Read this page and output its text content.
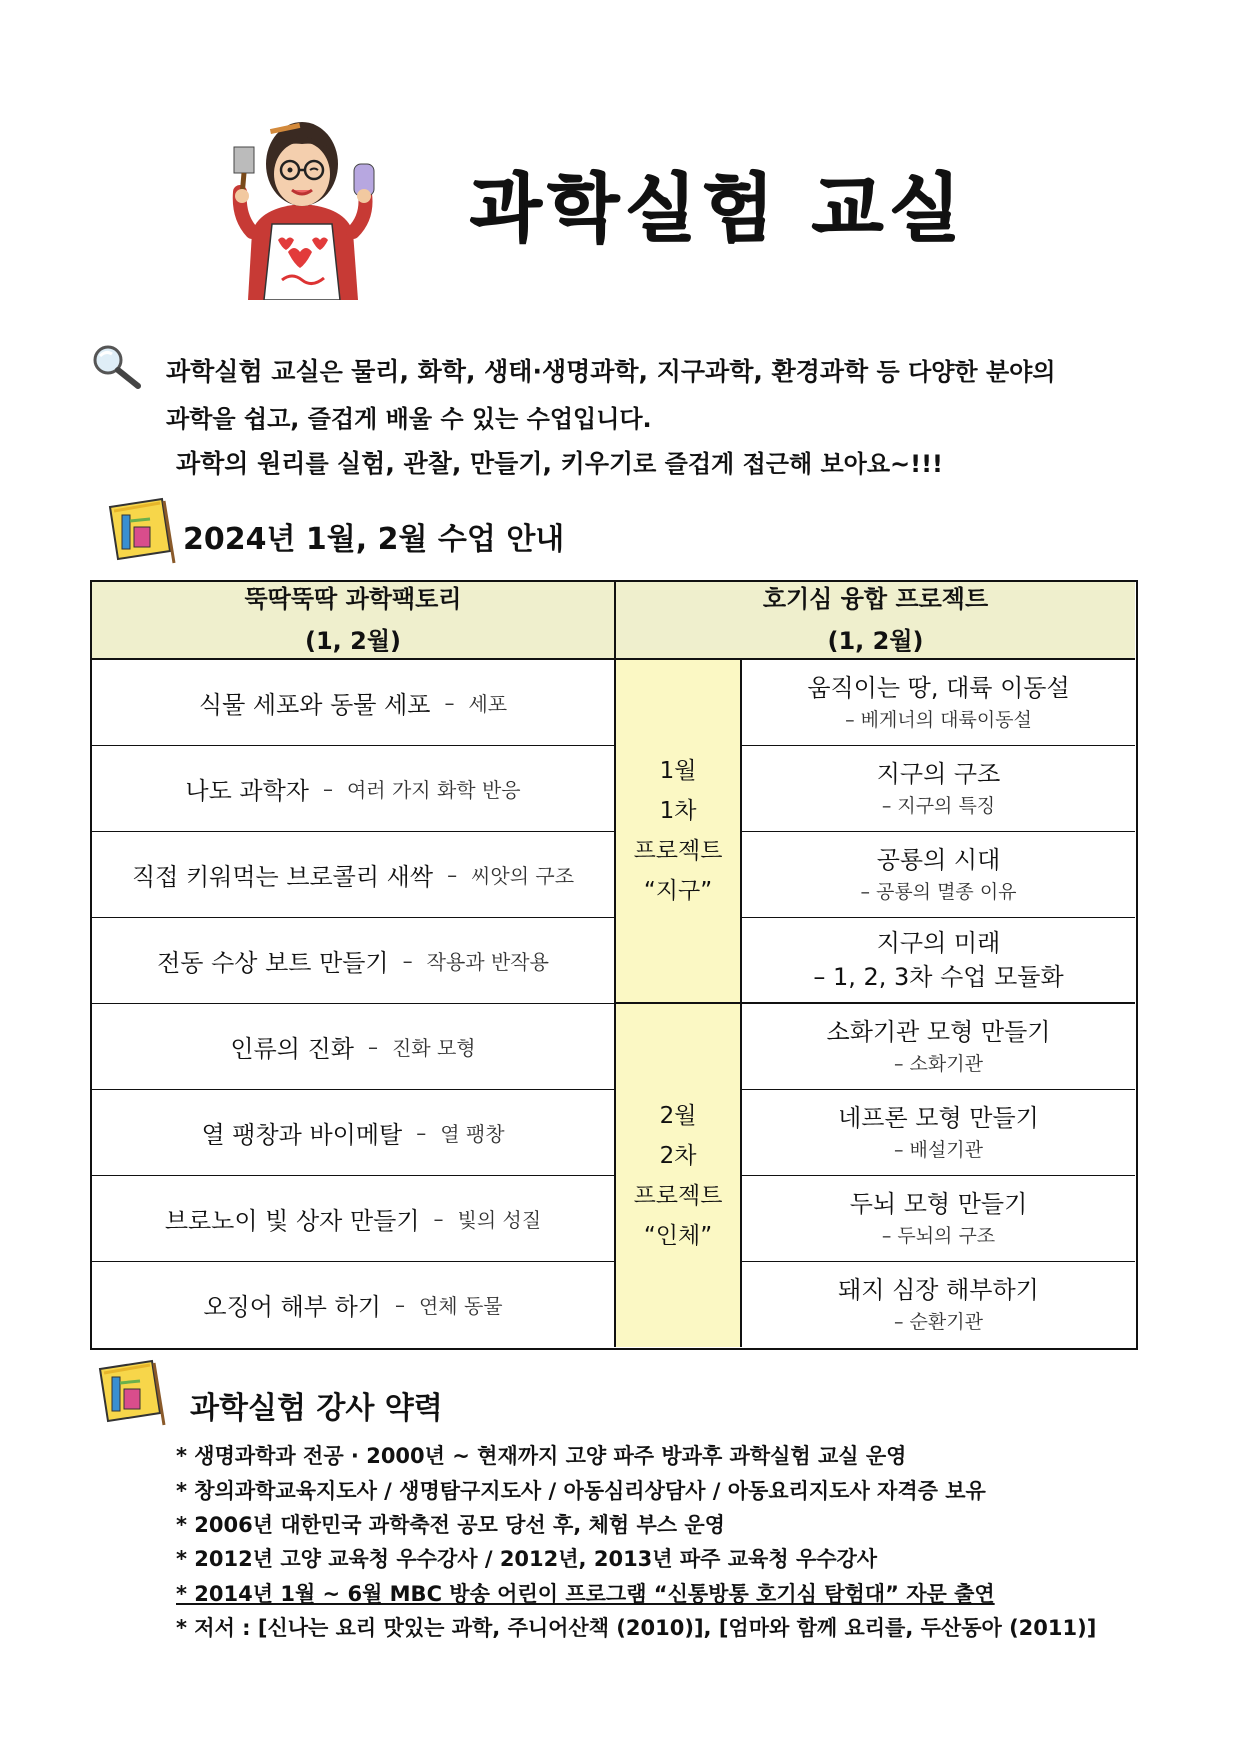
과학실험 교실
과학실험 교실은 물리, 화학, 생태·생명과학, 지구과학, 환경과학 등 다양한 분야의
과학을 쉽고, 즐겁게 배울 수 있는 수업입니다.
과학의 원리를 실험, 관찰, 만들기, 키우기로 즐겁게 접근해 보아요~!!!
2024년 1월, 2월 수업 안내
뚝딱뚝딱 과학팩토리
(1, 2월)
호기심 융합 프로젝트
(1, 2월)
식물 세포와 동물 세포 – 세포
나도 과학자 – 여러 가지 화학 반응
직접 키워먹는 브로콜리 새싹 – 씨앗의 구조
전동 수상 보트 만들기 – 작용과 반작용
인류의 진화 – 진화 모형
열 팽창과 바이메탈 – 열 팽창
브로노이 빛 상자 만들기 – 빛의 성질
오징어 해부 하기 – 연체 동물
1월
1차
프로젝트
“지구”
2월
2차
프로젝트
“인체”
움직이는 땅, 대륙 이동설
– 베게너의 대륙이동설
지구의 구조
– 지구의 특징
공룡의 시대
– 공룡의 멸종 이유
지구의 미래
– 1, 2, 3차 수업 모듈화
소화기관 모형 만들기
– 소화기관
네프론 모형 만들기
– 배설기관
두뇌 모형 만들기
– 두뇌의 구조
돼지 심장 해부하기
– 순환기관
과학실험 강사 약력
* 생명과학과 전공 · 2000년 ~ 현재까지 고양 파주 방과후 과학실험 교실 운영
* 창의과학교육지도사 / 생명탐구지도사 / 아동심리상담사 / 아동요리지도사 자격증 보유
* 2006년 대한민국 과학축전 공모 당선 후, 체험 부스 운영
* 2012년 고양 교육청 우수강사 / 2012년, 2013년 파주 교육청 우수강사
* 2014년 1월 ~ 6월 MBC 방송 어린이 프로그램 “신통방통 호기심 탐험대” 자문 출연
* 저서 : [신나는 요리 맛있는 과학, 주니어산책 (2010)], [엄마와 함께 요리를, 두산동아 (2011)]
